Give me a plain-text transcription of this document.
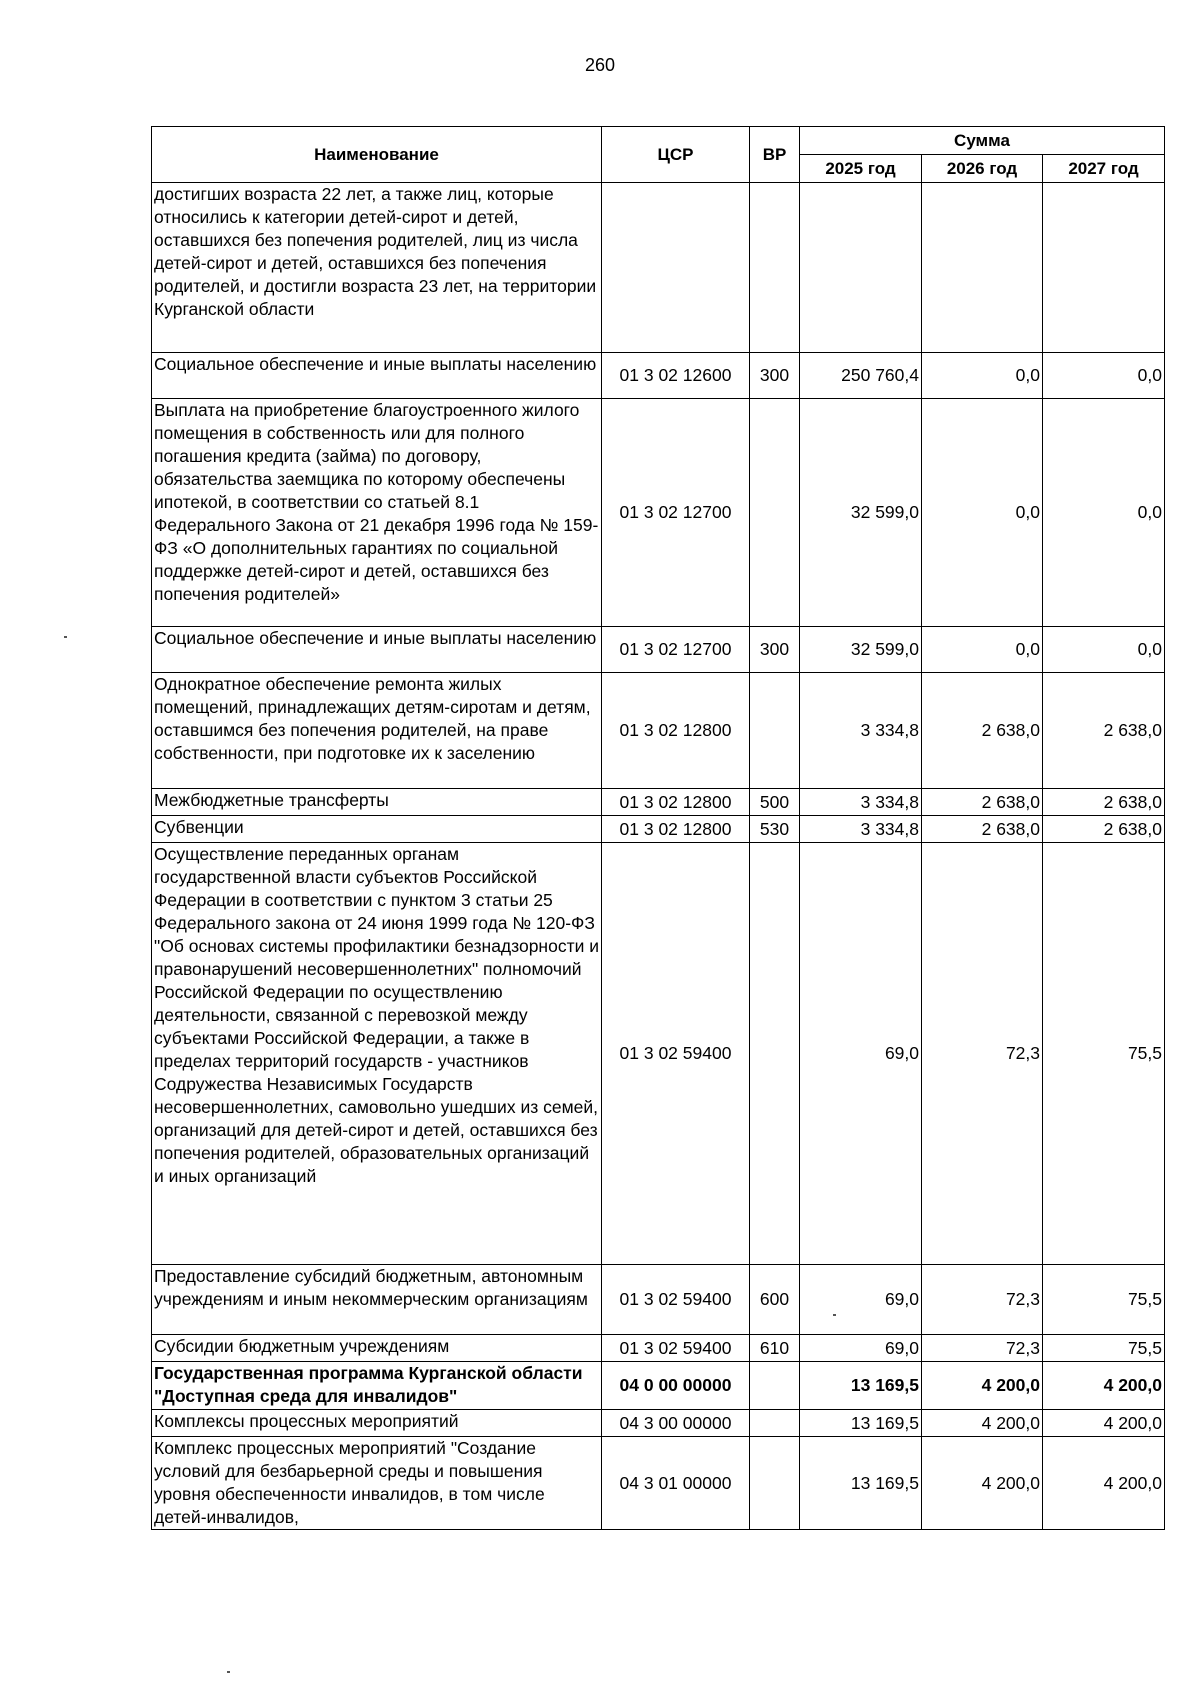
260
Наименование	ЦСР	ВР	Сумма		
			2025 год	2026 год	2027 год
достигших возраста 22 лет, а также лиц, которые относились к категории детей-сирот и детей, оставшихся без попечения родителей, лиц из числа детей-сирот и детей, оставшихся без попечения родителей, и достигли возраста 23 лет, на территории Курганской области					
Социальное обеспечение и иные выплаты населению	01 3 02 12600	300	250 760,4	0,0	0,0
Выплата на приобретение благоустроенного жилого помещения в собственность или для полного погашения кредита (займа) по договору, обязательства заемщика по которому обеспечены ипотекой, в соответствии со статьей 8.1 Федерального Закона от 21 декабря 1996 года № 159-ФЗ «О дополнительных гарантиях по социальной поддержке детей-сирот и детей, оставшихся без попечения родителей»	01 3 02 12700		32 599,0	0,0	0,0
Социальное обеспечение и иные выплаты населению	01 3 02 12700	300	32 599,0	0,0	0,0
Однократное обеспечение ремонта жилых помещений, принадлежащих детям-сиротам и детям, оставшимся без попечения родителей, на праве собственности, при подготовке их к заселению	01 3 02 12800		3 334,8	2 638,0	2 638,0
Межбюджетные трансферты	01 3 02 12800	500	3 334,8	2 638,0	2 638,0
Субвенции	01 3 02 12800	530	3 334,8	2 638,0	2 638,0
Осуществление переданных органам государственной власти субъектов Российской Федерации в соответствии с пунктом 3 статьи 25 Федерального закона от 24 июня 1999 года № 120-ФЗ "Об основах системы профилактики безнадзорности и правонарушений несовершеннолетних" полномочий Российской Федерации по осуществлению деятельности, связанной с перевозкой между субъектами Российской Федерации, а также в пределах территорий государств - участников Содружества Независимых Государств несовершеннолетних, самовольно ушедших из семей, организаций для детей-сирот и детей, оставшихся без попечения родителей, образовательных организаций и иных организаций	01 3 02 59400		69,0	72,3	75,5
Предоставление субсидий бюджетным, автономным учреждениям и иным некоммерческим организациям	01 3 02 59400	600	69,0	72,3	75,5
Субсидии бюджетным учреждениям	01 3 02 59400	610	69,0	72,3	75,5
Государственная программа Курганской области "Доступная среда для инвалидов"	04 0 00 00000		13 169,5	4 200,0	4 200,0
Комплексы процессных мероприятий	04 3 00 00000		13 169,5	4 200,0	4 200,0
Комплекс процессных мероприятий "Создание условий для безбарьерной среды и повышения уровня обеспеченности инвалидов, в том числе детей-инвалидов,	04 3 01 00000		13 169,5	4 200,0	4 200,0
